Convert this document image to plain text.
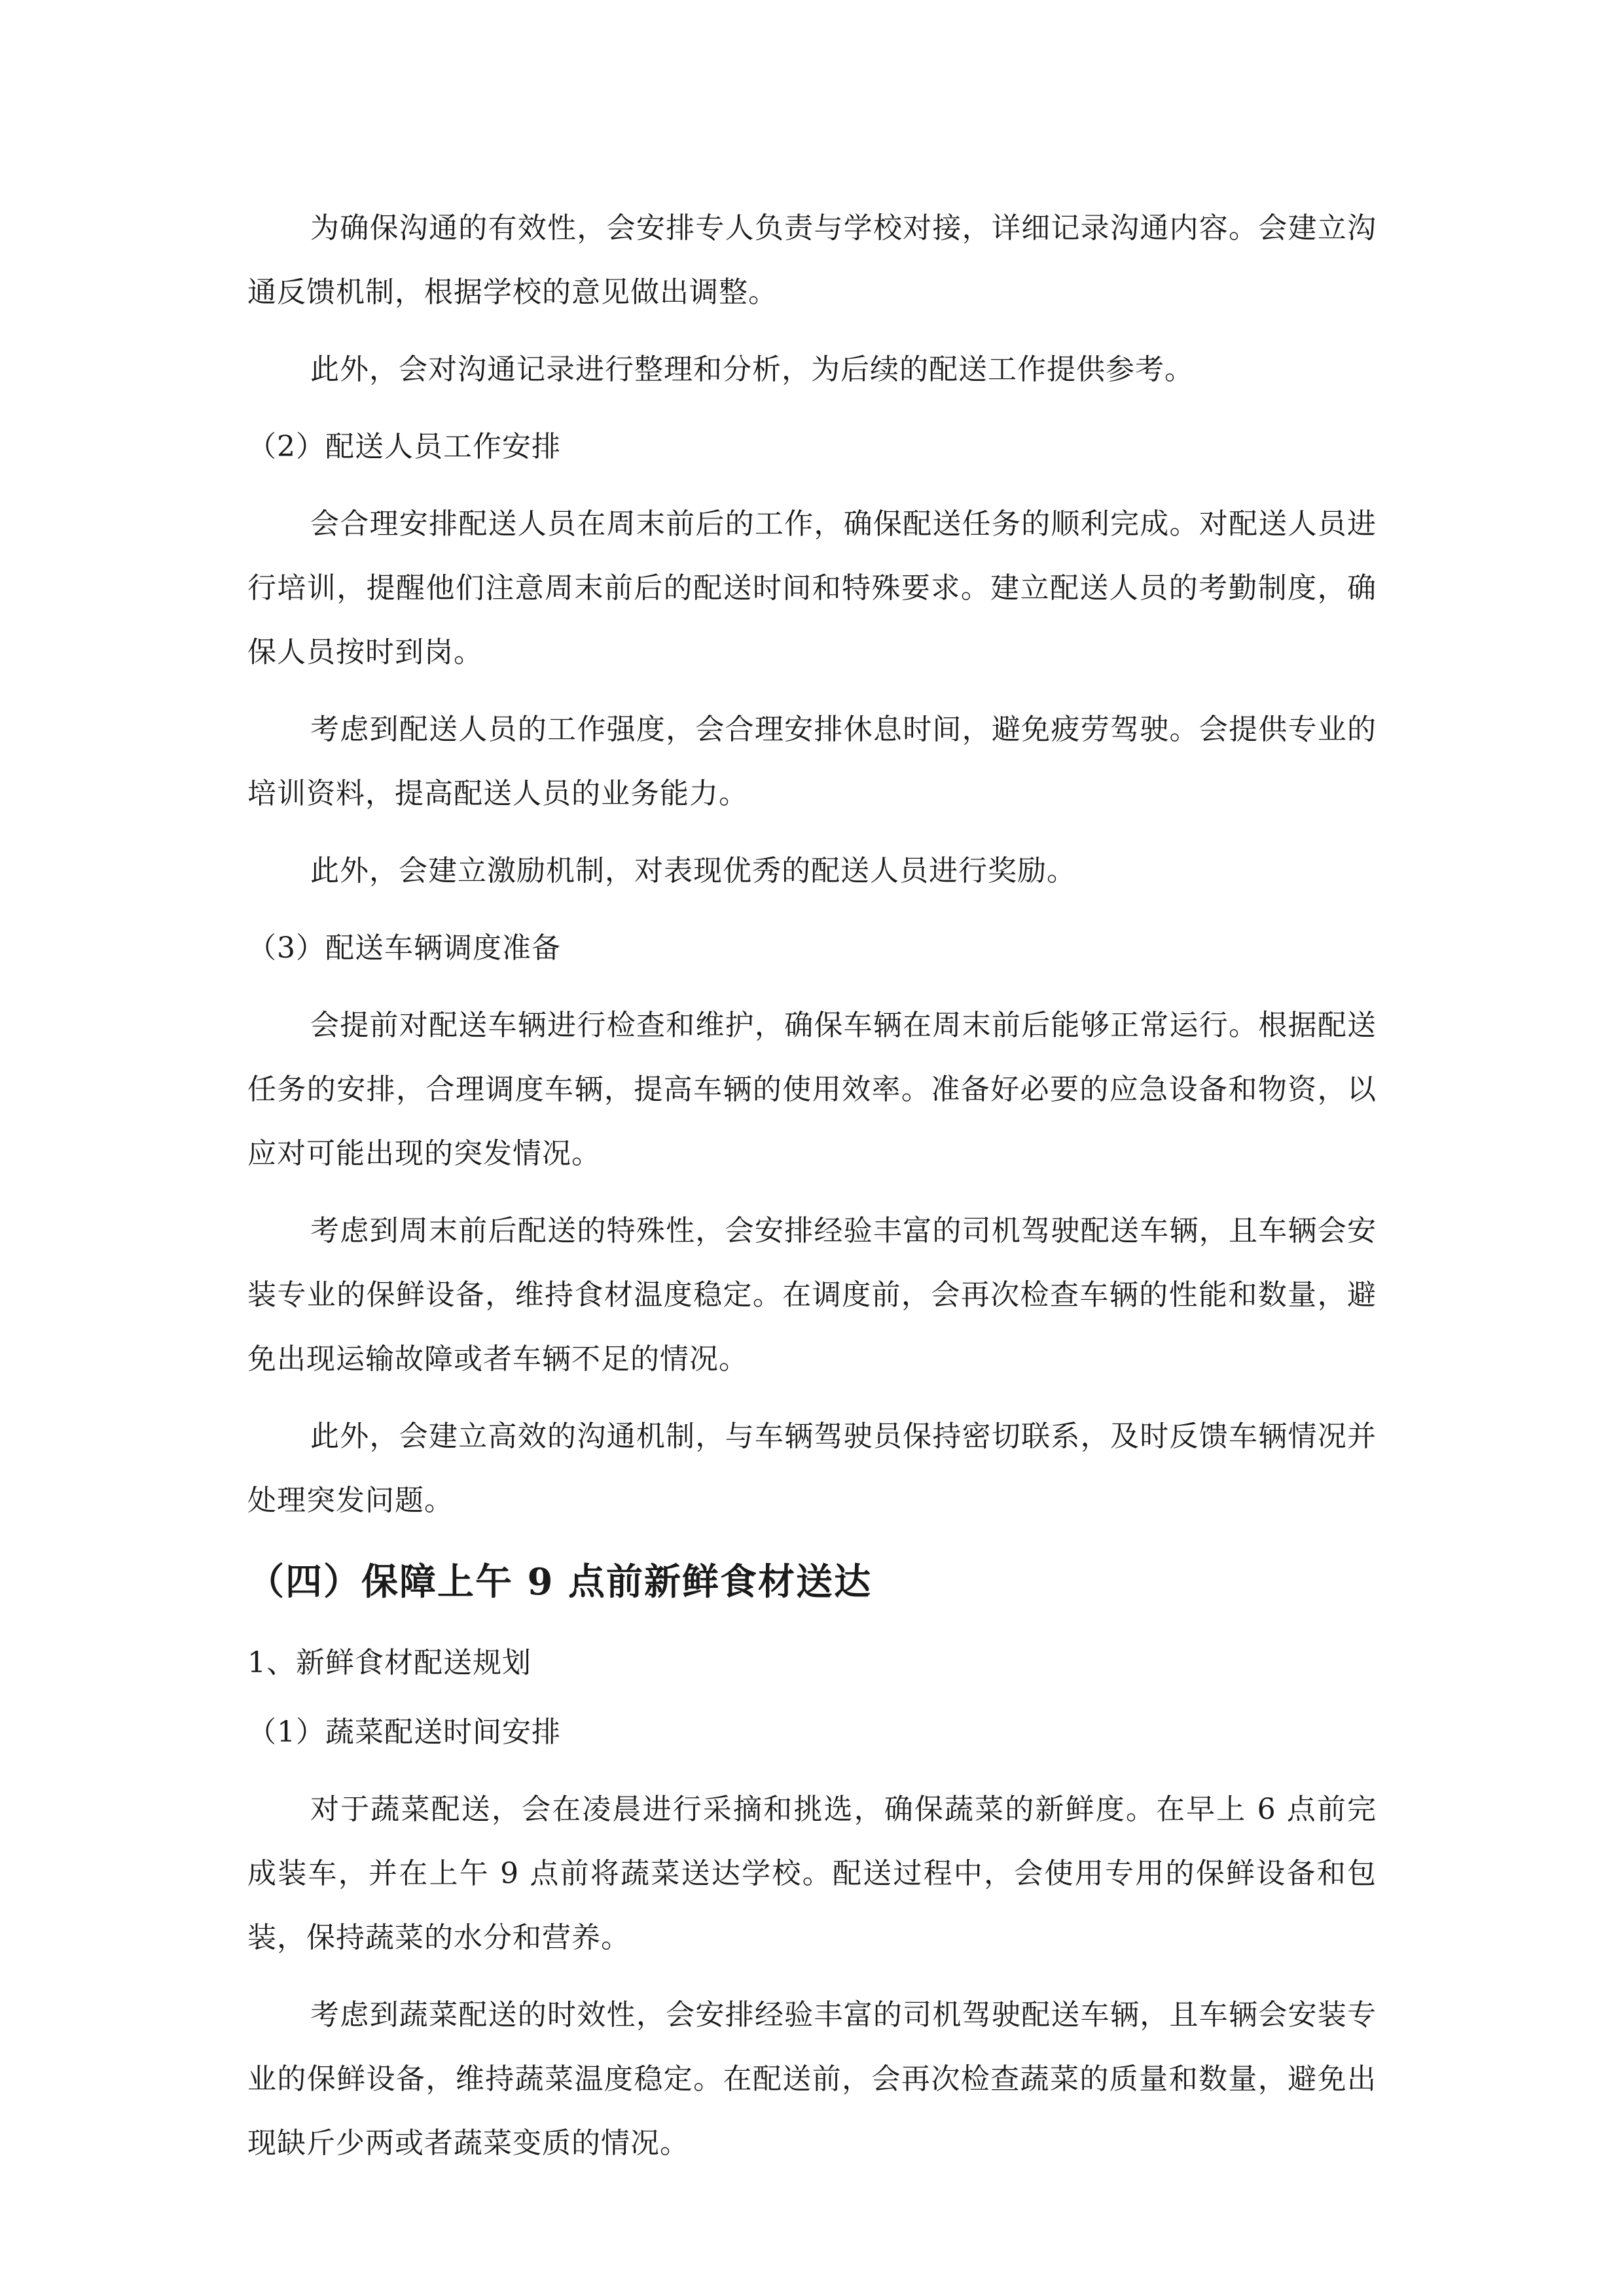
为确保沟通的有效性，会安排专人负责与学校对接，详细记录沟通内容。会建立沟通反馈机制，根据学校的意见做出调整。

此外，会对沟通记录进行整理和分析，为后续的配送工作提供参考。

（2）配送人员工作安排

会合理安排配送人员在周末前后的工作，确保配送任务的顺利完成。对配送人员进行培训，提醒他们注意周末前后的配送时间和特殊要求。建立配送人员的考勤制度，确保人员按时到岗。

考虑到配送人员的工作强度，会合理安排休息时间，避免疲劳驾驶。会提供专业的培训资料，提高配送人员的业务能力。

此外，会建立激励机制，对表现优秀的配送人员进行奖励。

（3）配送车辆调度准备

会提前对配送车辆进行检查和维护，确保车辆在周末前后能够正常运行。根据配送任务的安排，合理调度车辆，提高车辆的使用效率。准备好必要的应急设备和物资，以应对可能出现的突发情况。

考虑到周末前后配送的特殊性，会安排经验丰富的司机驾驶配送车辆，且车辆会安装专业的保鲜设备，维持食材温度稳定。在调度前，会再次检查车辆的性能和数量，避免出现运输故障或者车辆不足的情况。

此外，会建立高效的沟通机制，与车辆驾驶员保持密切联系，及时反馈车辆情况并处理突发问题。

（四）保障上午 9 点前新鲜食材送达

1、新鲜食材配送规划

（1）蔬菜配送时间安排

对于蔬菜配送，会在凌晨进行采摘和挑选，确保蔬菜的新鲜度。在早上 6 点前完成装车，并在上午 9 点前将蔬菜送达学校。配送过程中，会使用专用的保鲜设备和包装，保持蔬菜的水分和营养。

考虑到蔬菜配送的时效性，会安排经验丰富的司机驾驶配送车辆，且车辆会安装专业的保鲜设备，维持蔬菜温度稳定。在配送前，会再次检查蔬菜的质量和数量，避免出现缺斤少两或者蔬菜变质的情况。
